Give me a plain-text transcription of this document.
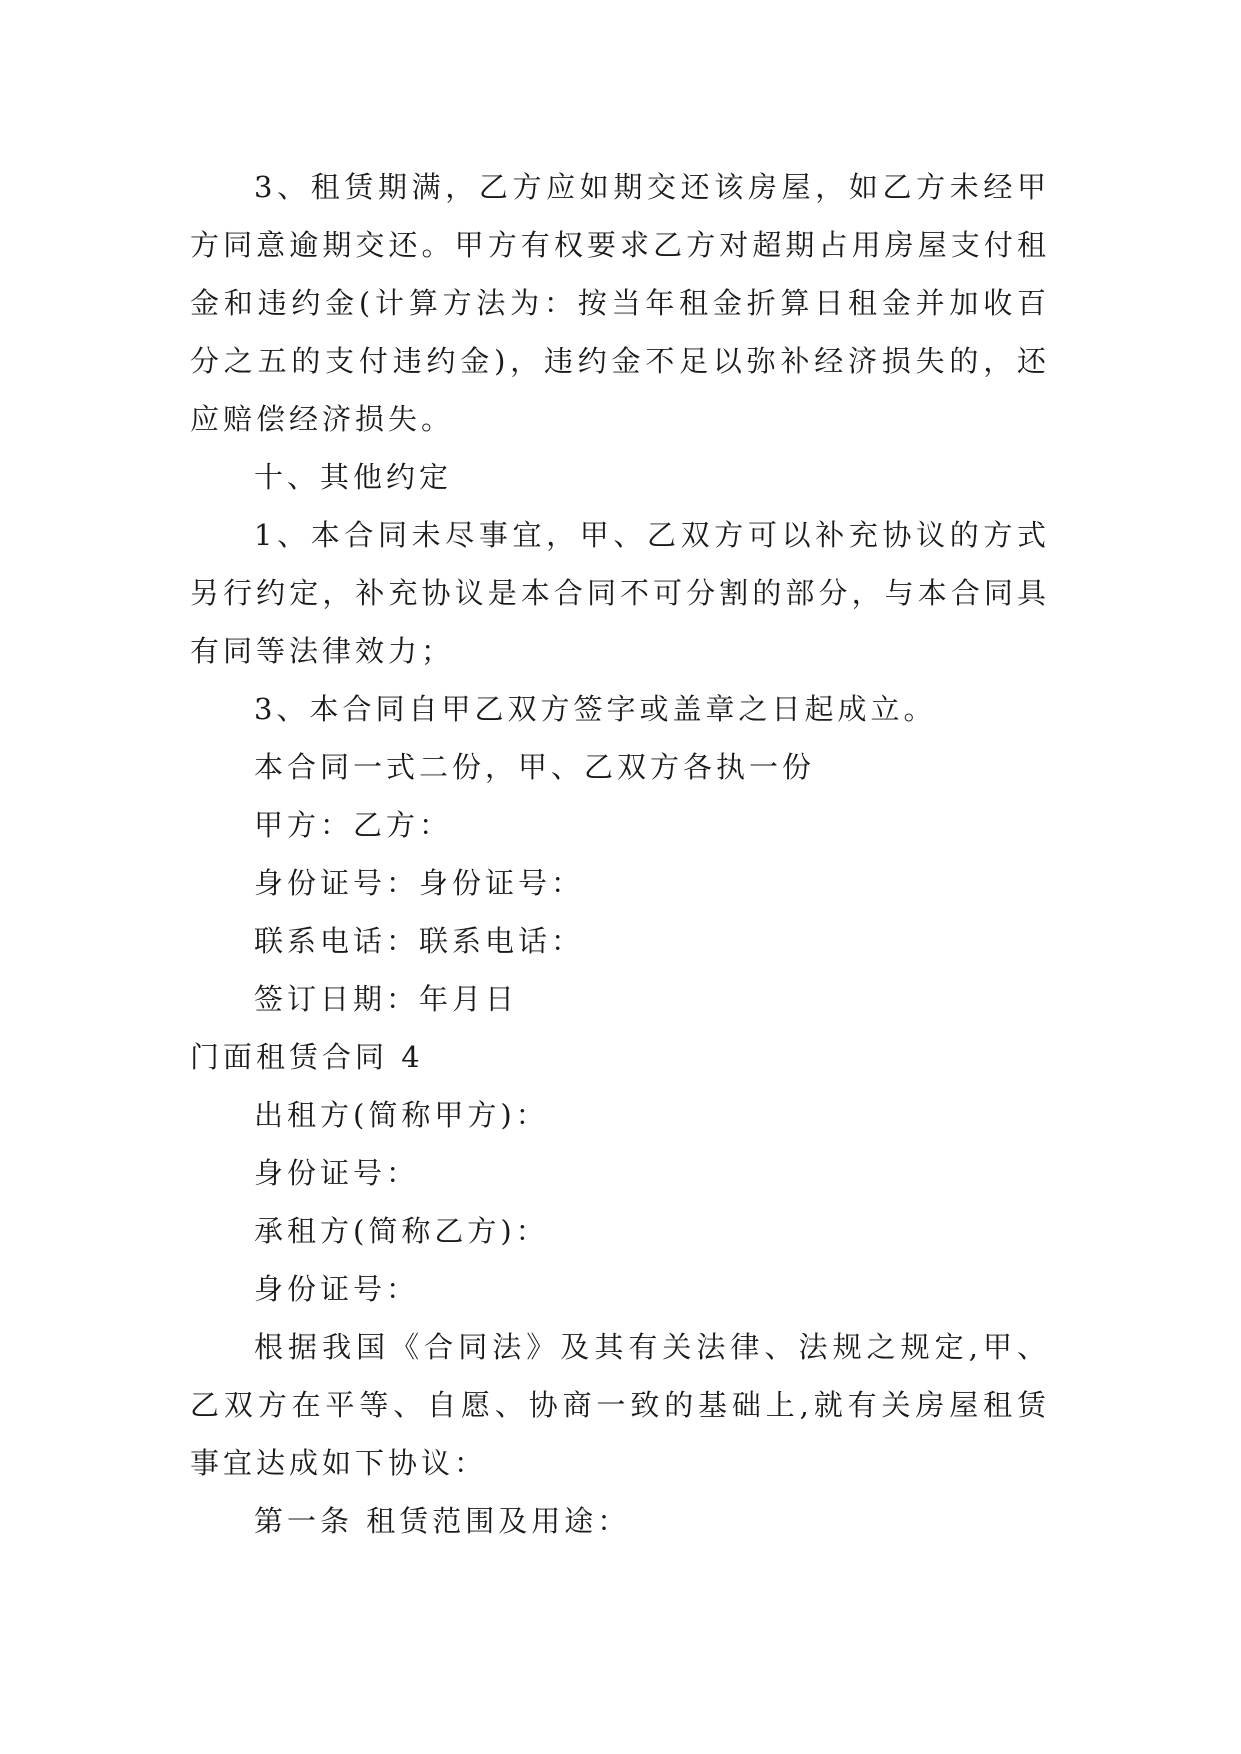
3、租赁期满，乙方应如期交还该房屋，如乙方未经甲方同意逾期交还。甲方有权要求乙方对超期占用房屋支付租金和违约金(计算方法为：按当年租金折算日租金并加收百分之五的支付违约金)，违约金不足以弥补经济损失的，还应赔偿经济损失。

十、其他约定

1、本合同未尽事宜，甲、乙双方可以补充协议的方式另行约定，补充协议是本合同不可分割的部分，与本合同具有同等法律效力；

3、本合同自甲乙双方签字或盖章之日起成立。

本合同一式二份，甲、乙双方各执一份

甲方：乙方：

身份证号：身份证号：

联系电话：联系电话：

签订日期：年月日

门面租赁合同 4

出租方(简称甲方)：

身份证号：

承租方(简称乙方)：

身份证号：

根据我国《合同法》及其有关法律、法规之规定,甲、乙双方在平等、自愿、协商一致的基础上,就有关房屋租赁事宜达成如下协议：

第一条 租赁范围及用途：
